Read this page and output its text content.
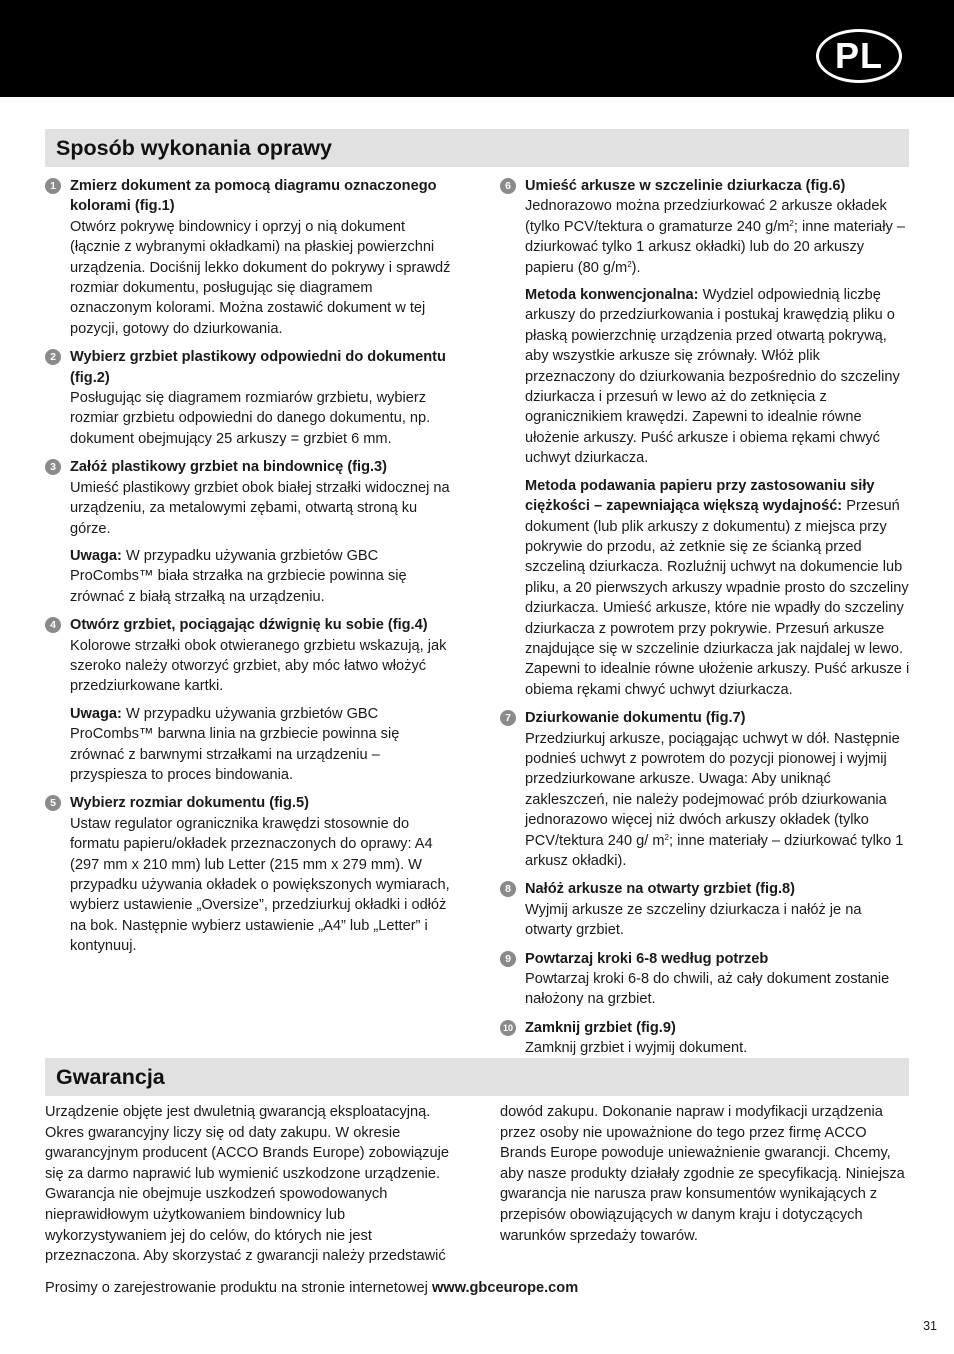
PL
Sposób wykonania oprawy
1 Zmierz dokument za pomocą diagramu oznaczonego kolorami (fig.1)
Otwórz pokrywę bindownicy i oprzyj o nią dokument (łącznie z wybranymi okładkami) na płaskiej powierzchni urządzenia. Dociśnij lekko dokument do pokrywy i sprawdź rozmiar dokumentu, posługując się diagramem oznaczonym kolorami. Można zostawić dokument w tej pozycji, gotowy do dziurkowania.
2 Wybierz grzbiet plastikowy odpowiedni do dokumentu (fig.2)
Posługując się diagramem rozmiarów grzbietu, wybierz rozmiar grzbietu odpowiedni do danego dokumentu, np. dokument obejmujący 25 arkuszy = grzbiet 6 mm.
3 Załóż plastikowy grzbiet na bindownicę (fig.3)
Umieść plastikowy grzbiet obok białej strzałki widocznej na urządzeniu, za metalowymi zębami, otwartą stroną ku górze.
Uwaga: W przypadku używania grzbietów GBC ProCombs™ biała strzałka na grzbiecie powinna się zrównać z białą strzałką na urządzeniu.
4 Otwórz grzbiet, pociągając dźwignię ku sobie (fig.4)
Kolorowe strzałki obok otwieranego grzbietu wskazują, jak szeroko należy otworzyć grzbiet, aby móc łatwo włożyć przedziurkowane kartki.
Uwaga: W przypadku używania grzbietów GBC ProCombs™ barwna linia na grzbiecie powinna się zrównać z barwnymi strzałkami na urządzeniu – przyspiesza to proces bindowania.
5 Wybierz rozmiar dokumentu (fig.5)
Ustaw regulator ogranicznika krawędzi stosownie do formatu papieru/okładek przeznaczonych do oprawy: A4 (297 mm x 210 mm) lub Letter (215 mm x 279 mm). W przypadku używania okładek o powiększonych wymiarach, wybierz ustawienie „Oversize”, przedziurkuj okładki i odłóż na bok. Następnie wybierz ustawienie „A4” lub „Letter” i kontynuuj.
6 Umieść arkusze w szczelinie dziurkacza (fig.6)
Jednorazowo można przedziurkować 2 arkusze okładek (tylko PCV/tektura o gramaturze 240 $g/m^2$; inne materiały – dziurkować tylko 1 arkusz okładki) lub do 20 arkuszy papieru (80 $g/m^2$).
Metoda konwencjonalna: Wydziel odpowiednią liczbę arkuszy do przedziurkowania i postukaj krawędzią pliku o płaską powierzchnię urządzenia przed otwartą pokrywą, aby wszystkie arkusze się zrównały. Włóż plik przeznaczony do dziurkowania bezpośrednio do szczeliny dziurkacza i przesuń w lewo aż do zetknięcia z ogranicznikiem krawędzi. Zapewni to idealnie równe ułożenie arkuszy. Puść arkusze i obiema rękami chwyć uchwyt dziurkacza.
Metoda podawania papieru przy zastosowaniu siły ciężkości – zapewniająca większą wydajność: Przesuń dokument (lub plik arkuszy z dokumentu) z miejsca przy pokrywie do przodu, aż zetknie się ze ścianką przed szczeliną dziurkacza. Rozluźnij uchwyt na dokumencie lub pliku, a 20 pierwszych arkuszy wpadnie prosto do szczeliny dziurkacza. Umieść arkusze, które nie wpadły do szczeliny dziurkacza z powrotem przy pokrywie. Przesuń arkusze znajdujące się w szczelinie dziurkacza jak najdalej w lewo. Zapewni to idealnie równe ułożenie arkuszy. Puść arkusze i obiema rękami chwyć uchwyt dziurkacza.
7 Dziurkowanie dokumentu (fig.7)
Przedziurkuj arkusze, pociągając uchwyt w dół. Następnie podnieś uchwyt z powrotem do pozycji pionowej i wyjmij przedziurkowane arkusze. Uwaga: Aby uniknąć zakleszczeń, nie należy podejmować prób dziurkowania jednorazowo więcej niż dwóch arkuszy okładek (tylko PCV/tektura 240 g/ $m^2$; inne materiały – dziurkować tylko 1 arkusz okładki).
8 Nałóż arkusze na otwarty grzbiet (fig.8)
Wyjmij arkusze ze szczeliny dziurkacza i nałóż je na otwarty grzbiet.
9 Powtarzaj kroki 6-8 według potrzeb
Powtarzaj kroki 6-8 do chwili, aż cały dokument zostanie nałożony na grzbiet.
10 Zamknij grzbiet (fig.9)
Zamknij grzbiet i wyjmij dokument.
Gwarancja
Urządzenie objęte jest dwuletnią gwarancją eksploatacyjną. Okres gwarancyjny liczy się od daty zakupu. W okresie gwarancyjnym producent (ACCO Brands Europe) zobowiązuje się za darmo naprawić lub wymienić uszkodzone urządzenie. Gwarancja nie obejmuje uszkodzeń spowodowanych nieprawidłowym użytkowaniem bindownicy lub wykorzystywaniem jej do celów, do których nie jest przeznaczona. Aby skorzystać z gwarancji należy przedstawić
dowód zakupu. Dokonanie napraw i modyfikacji urządzenia przez osoby nie upoważnione do tego przez firmę ACCO Brands Europe powoduje unieważnienie gwarancji. Chcemy, aby nasze produkty działały zgodnie ze specyfikacją. Niniejsza gwarancja nie narusza praw konsumentów wynikających z przepisów obowiązujących w danym kraju i dotyczących warunków sprzedaży towarów.
Prosimy o zarejestrowanie produktu na stronie internetowej www.gbceurope.com
31
